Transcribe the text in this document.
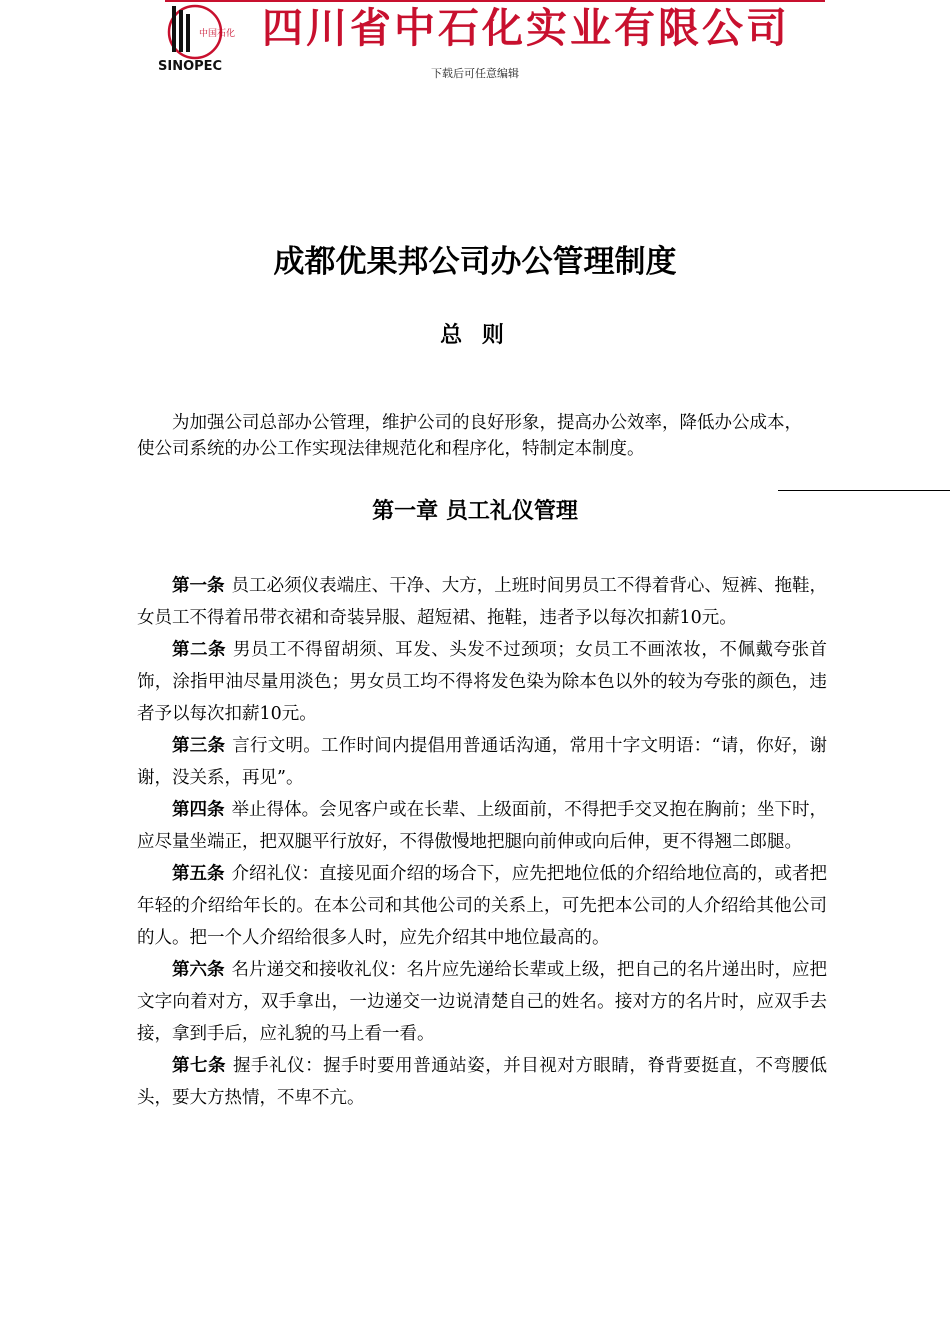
中国石化
SINOPEC
四川省中石化实业有限公司
下载后可任意编辑
成都优果邦公司办公管理制度
总 则

为加强公司总部办公管理，维护公司的良好形象，提高办公效率，降低办公成本，使公司系统的办公工作实现法律规范化和程序化，特制定本制度。

第一章 员工礼仪管理

第一条 员工必须仪表端庄、干净、大方，上班时间男员工不得着背心、短裤、拖鞋，女员工不得着吊带衣裙和奇装异服、超短裙、拖鞋，违者予以每次扣薪10元。

第二条 男员工不得留胡须、耳发、头发不过颈项；女员工不画浓妆，不佩戴夸张首饰，涂指甲油尽量用淡色；男女员工均不得将发色染为除本色以外的较为夸张的颜色，违者予以每次扣薪10元。

第三条 言行文明。工作时间内提倡用普通话沟通，常用十字文明语：“请，你好，谢谢，没关系，再见”。

第四条 举止得体。会见客户或在长辈、上级面前，不得把手交叉抱在胸前；坐下时，应尽量坐端正，把双腿平行放好，不得傲慢地把腿向前伸或向后伸，更不得翘二郎腿。

第五条 介绍礼仪：直接见面介绍的场合下，应先把地位低的介绍给地位高的，或者把年轻的介绍给年长的。在本公司和其他公司的关系上，可先把本公司的人介绍给其他公司的人。把一个人介绍给很多人时，应先介绍其中地位最高的。

第六条 名片递交和接收礼仪：名片应先递给长辈或上级，把自己的名片递出时，应把文字向着对方，双手拿出，一边递交一边说清楚自己的姓名。接对方的名片时，应双手去接，拿到手后，应礼貌的马上看一看。

第七条 握手礼仪：握手时要用普通站姿，并目视对方眼睛，脊背要挺直，不弯腰低头，要大方热情，不卑不亢。
